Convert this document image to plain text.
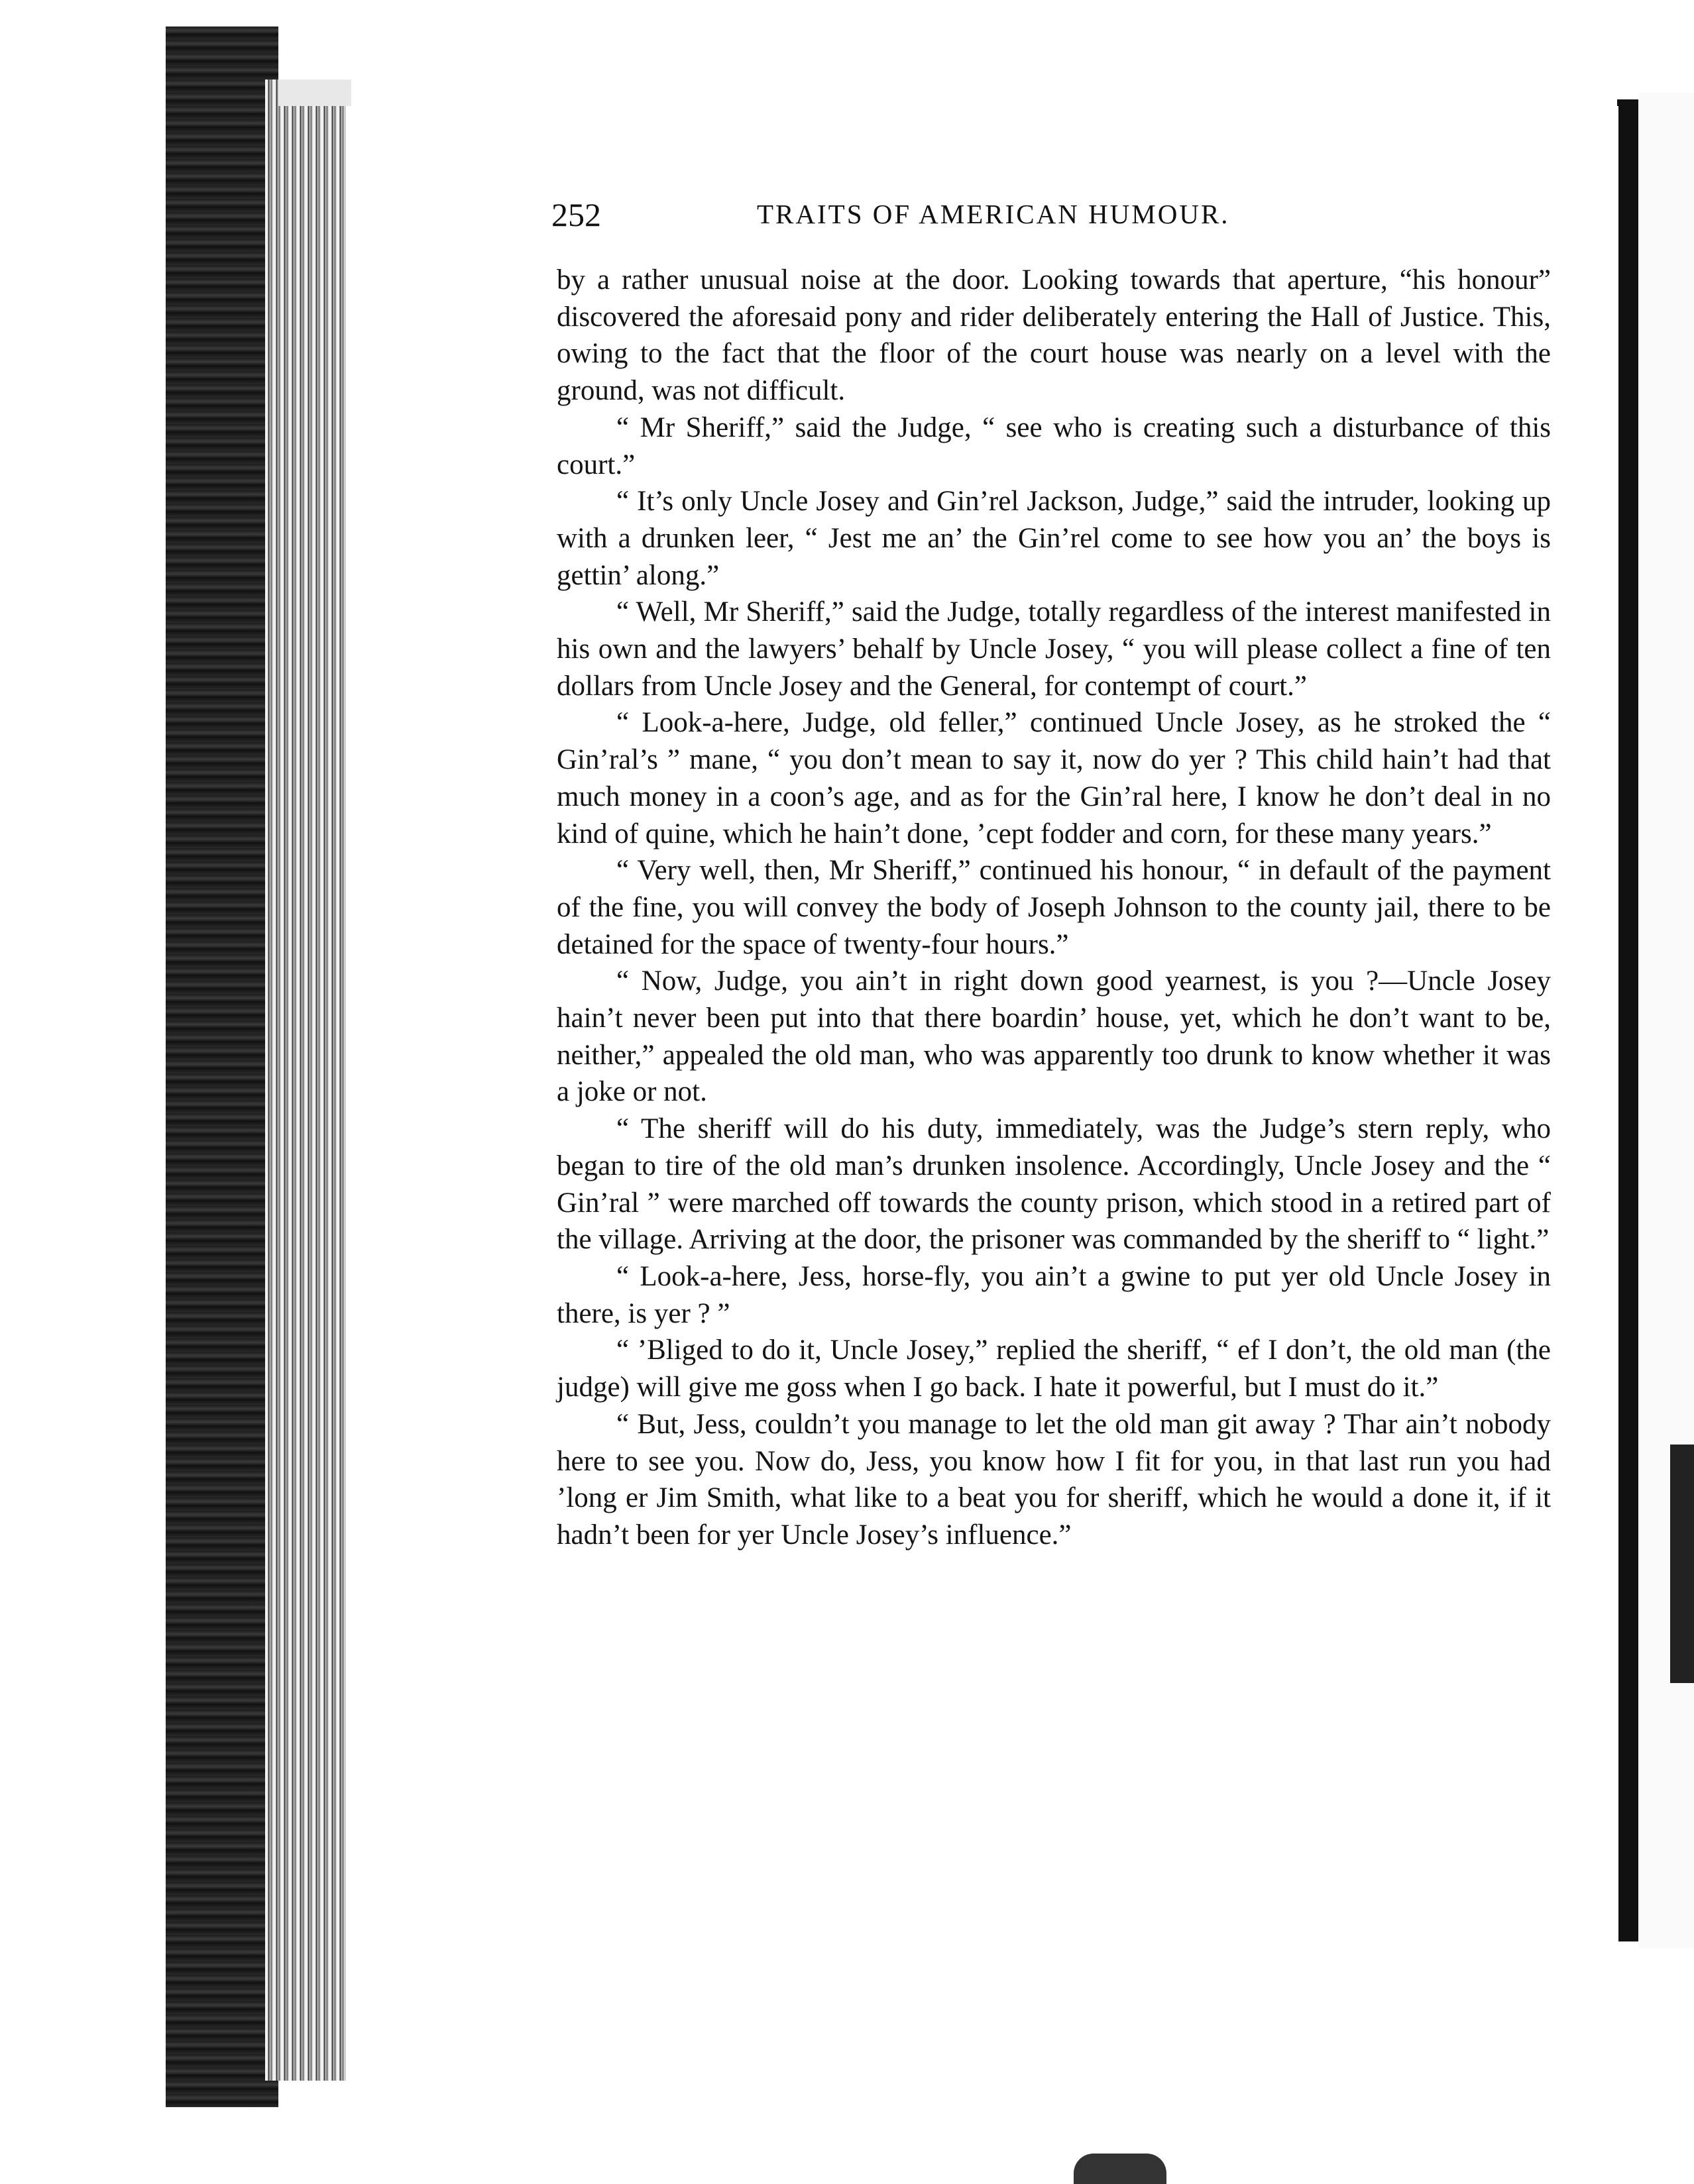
252	TRAITS OF AMERICAN HUMOUR.

by a rather unusual noise at the door. Looking towards that aperture, “his honour” discovered the aforesaid pony and rider deliberately entering the Hall of Justice. This, owing to the fact that the floor of the court house was nearly on a level with the ground, was not difficult.

“ Mr Sheriff,” said the Judge, “ see who is creating such a disturbance of this court.”

“ It’s only Uncle Josey and Gin’rel Jackson, Judge,” said the intruder, looking up with a drunken leer, “ Jest me an’ the Gin’rel come to see how you an’ the boys is gettin’ along.”

“ Well, Mr Sheriff,” said the Judge, totally regardless of the interest manifested in his own and the lawyers’ behalf by Uncle Josey, “ you will please collect a fine of ten dollars from Uncle Josey and the General, for contempt of court.”

“ Look-a-here, Judge, old feller,” continued Uncle Josey, as he stroked the “ Gin’ral’s ” mane, “ you don’t mean to say it, now do yer ? This child hain’t had that much money in a coon’s age, and as for the Gin’ral here, I know he don’t deal in no kind of quine, which he hain’t done, ’cept fodder and corn, for these many years.”

“ Very well, then, Mr Sheriff,” continued his honour, “ in default of the payment of the fine, you will convey the body of Joseph Johnson to the county jail, there to be detained for the space of twenty-four hours.”

“ Now, Judge, you ain’t in right down good yearnest, is you ?—Uncle Josey hain’t never been put into that there boardin’ house, yet, which he don’t want to be, neither,” appealed the old man, who was apparently too drunk to know whether it was a joke or not.

“ The sheriff will do his duty, immediately, was the Judge’s stern reply, who began to tire of the old man’s drunken insolence. Accordingly, Uncle Josey and the “ Gin’ral ” were marched off towards the county prison, which stood in a retired part of the village. Arriving at the door, the prisoner was commanded by the sheriff to “ light.”

“ Look-a-here, Jess, horse-fly, you ain’t a gwine to put yer old Uncle Josey in there, is yer ? ”

“ ’Bliged to do it, Uncle Josey,” replied the sheriff, “ ef I don’t, the old man (the judge) will give me goss when I go back. I hate it powerful, but I must do it.”

“ But, Jess, couldn’t you manage to let the old man git away ? Thar ain’t nobody here to see you. Now do, Jess, you know how I fit for you, in that last run you had ’long er Jim Smith, what like to a beat you for sheriff, which he would a done it, if it hadn’t been for yer Uncle Josey’s influence.”
